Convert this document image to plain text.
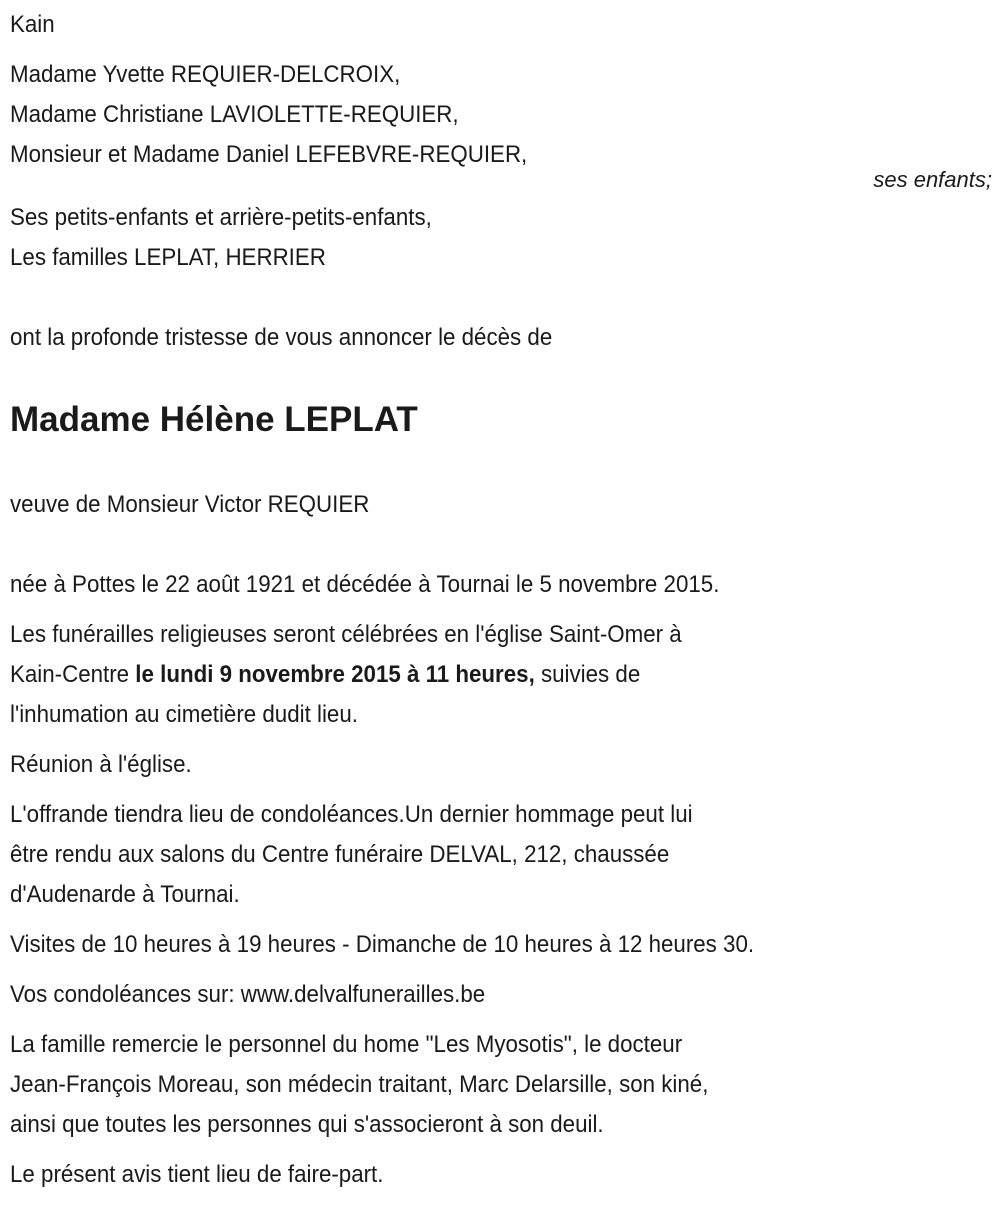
Kain
Madame Yvette REQUIER-DELCROIX,
Madame Christiane LAVIOLETTE-REQUIER,
Monsieur et Madame Daniel LEFEBVRE-REQUIER,
ses enfants;
Ses petits-enfants et arrière-petits-enfants,
Les familles LEPLAT, HERRIER
ont la profonde tristesse de vous annoncer le décès de
Madame Hélène LEPLAT
veuve de Monsieur Victor REQUIER
née à Pottes le 22 août 1921 et décédée à Tournai le 5 novembre 2015.
Les funérailles religieuses seront célébrées en l'église Saint-Omer à
Kain-Centre le lundi 9 novembre 2015 à 11 heures, suivies de
l'inhumation au cimetière dudit lieu.
Réunion à l'église.
L'offrande tiendra lieu de condoléances.Un dernier hommage peut lui
être rendu aux salons du Centre funéraire DELVAL, 212, chaussée
d'Audenarde à Tournai.
Visites de 10 heures à 19 heures - Dimanche de 10 heures à 12 heures 30.
Vos condoléances sur: www.delvalfunerailles.be
La famille remercie le personnel du home "Les Myosotis", le docteur
Jean-François Moreau, son médecin traitant, Marc Delarsille, son kiné,
ainsi que toutes les personnes qui s'associeront à son deuil.
Le présent avis tient lieu de faire-part.
